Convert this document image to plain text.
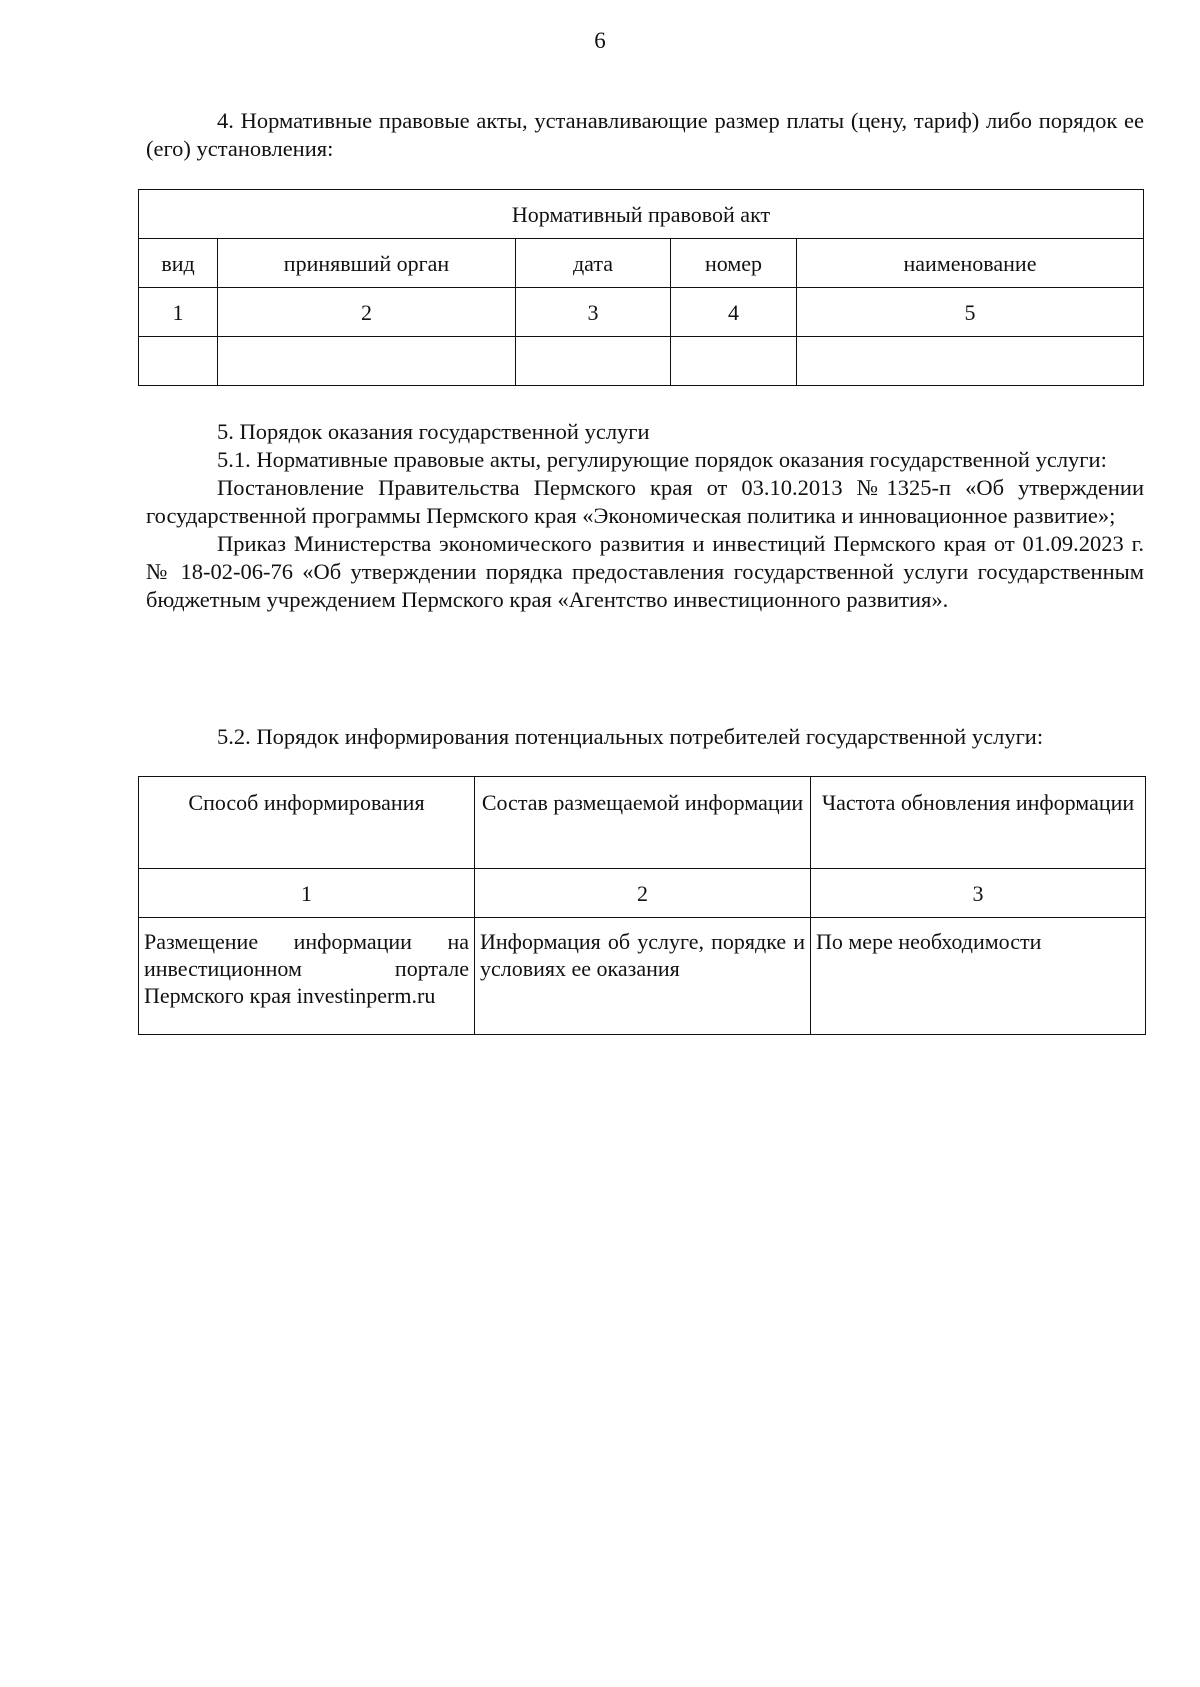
6

4. Нормативные правовые акты, устанавливающие размер платы (цену, тариф) либо порядок ее (его) установления:

Нормативный правовой акт				
вид	принявший орган	дата	номер	наименование
1	2	3	4	5

5. Порядок оказания государственной услуги

5.1. Нормативные правовые акты, регулирующие порядок оказания государственной услуги:

Постановление Правительства Пермского края от 03.10.2013 №1325-п «Об утверждении государственной программы Пермского края «Экономическая политика и инновационное развитие»;

Приказ Министерства экономического развития и инвестиций Пермского края от 01.09.2023 г. № 18-02-06-76 «Об утверждении порядка предоставления государственной услуги государственным бюджетным учреждением Пермского края «Агентство инвестиционного развития».

5.2. Порядок информирования потенциальных потребителей государственной услуги:

Способ информирования	Состав размещаемой информации	Частота обновления информации
1	2	3
Размещение информации на инвестиционном портале Пермского края investinperm.ru	Информация об услуге, порядке и условиях ее оказания	По мере необходимости
